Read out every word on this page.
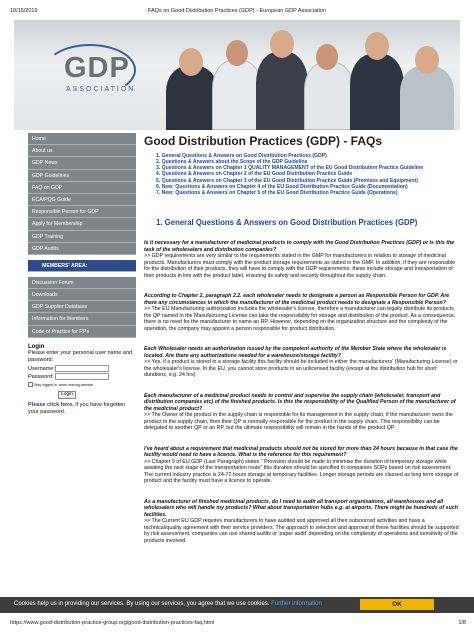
10/15/2019	FAQs on Good Distribution Practices (GDP) - European GDP Association
GDP
ASSOCIATION
Home
About us
GDP News
GDP Guidelines
FAQ on GDP
ECA/PQG Guide
Responsible Person for GDP
Apply for Membership
GDP Training
GDP Audits
MEMBERS' AREA:
Discussion Forum
Downloads
GDP Supplier Database
Information for Members
Code of Practice for RPs
Login
Please enter your personal user name and password:
Username:
Password:
Stay logged in, when leaving website
Login
Please click here, if you have forgotten your password.
Good Distribution Practices (GDP) - FAQs
1. General Questions & Answers on Good Distribution Practices (GDP)
2. Questions & Answers about the Scope of the GDP Guideline
3. Questions & Answers on Chapter 1 QUALITY MANAGEMENT of the EU Good Distribution Practice Guideline
4. Questions & Answers on Chapter 2 of the EU Good Distribution Practice Guide
5. Questions & Answers on Chapter 3 of the EU Good Distribution Practice Guide (Premises and Equipment)
6. New: Questions & Answers on Chapter 4 of the EU Good Distribution Practice Guide (Documentation)
7. New: Questions & Answers on Chapter 5 of the EU Good Distribution Practice Guide (Operations)
1. General Questions & Answers on Good Distribution Practices (GDP)
Is it necessary for a manufacturer of medicinal products to comply with the Good Distribution Practices (GDP) or is this the task of the wholesalers and distribution companies?
>> GDP requirements are very similar to the requirements stated in the GMP for manufacturers in relation to storage of medicinal products. Manufacturers must comply with the product storage requirements as stated in the GMP. In addition, if they are responsible for the distribution of their products, they will have to comply with the GDP requirements; these include storage and transportation of their products in line with the product label, ensuring its safety and security throughout the supply chain.
According to Chapter 2, paragraph 2.2. each wholesaler needs to designate a person as Responsible Person for GDP. Are there any circumstances in which the manufacturer of the medicinal product needs to designate a Responsible Person?
>> The EU Manufacturing authorization includes the wholesaler's license, therefore a manufacturer can legally distribute its products, the QP named in the Manufacturing License can take the responsibility for storage and distribution of the product. As a consequence, there is no need for the manufacturer to name an RP. However, depending on the organization structure and the complexity of the operation, the company may appoint a person responsible for product distribution.
Each Wholesaler needs an authorization issued by the competent authority of the Member State where the wholesaler is located. Are there any authorizations needed for a warehouse/storage facility?
>> Yes, if a product is stored in a storage facility this facility should be included in either the manufacturers' (Manufacturing License) or the wholesaler's license. In the EU, you cannot store products in an unlicensed facility (except at the distribution hub for short durations, e.g. 24 hrs)
Each manufacturer of a medicinal product needs to control and supervise the supply chain (wholesaler, transport and distribution companies etc) of the finished products. Is this the responsibility of the Qualified Person of the manufacturer of the medicinal product?
>> The Owner of the product in the supply chain is responsible for its management in the supply chain, if the manufacturer owns the product in the supply chain, then their QP is normally responsible for the product in the supply chain. This responsibility can be delegated to another QP or an RP, but the ultimate responsibility will remain in the hands of the product QP.
I've heard about a requirement that medicinal products should not be stored for more than 24 hours because in that case the facility would need to have a licence. What is the reference for this requirement?
>> Chapter 9 of EU GDP (Last Paragraph) states " Provision should be made to minimise the duration of temporary storage while awaiting the next stage of the transportation route" this duration should be specified in companies SOPs based on risk assessment. The current industry practice is 24-72 hours storage at temporary facilities. Longer storage periods are classed as long term storage of product and the facility must have a licence to operate.
As a manufacturer of finished medicinal products, do I need to audit all transport organisations, all warehouses and all wholesalers who will handle my products? What about transportation hubs e.g. at airports. There might be hundreds of such facilities.
>> The Current EU GDP requires manufacturers to have audited and approved all their outsourced activities and have a technical/quality agreement with their service providers. The approach to selection and approval of these facilities should be supported by risk assessment, companies can use shared audits or 'paper audit' depending on the complexity of operations and sensitivity of the products involved.
Cookies help us in providing our services. By using our services, you agree that we use cookies. Further information	OK
https://www.good-distribution-practice-group.org/good-distribution-practices-faq.html	1/8
